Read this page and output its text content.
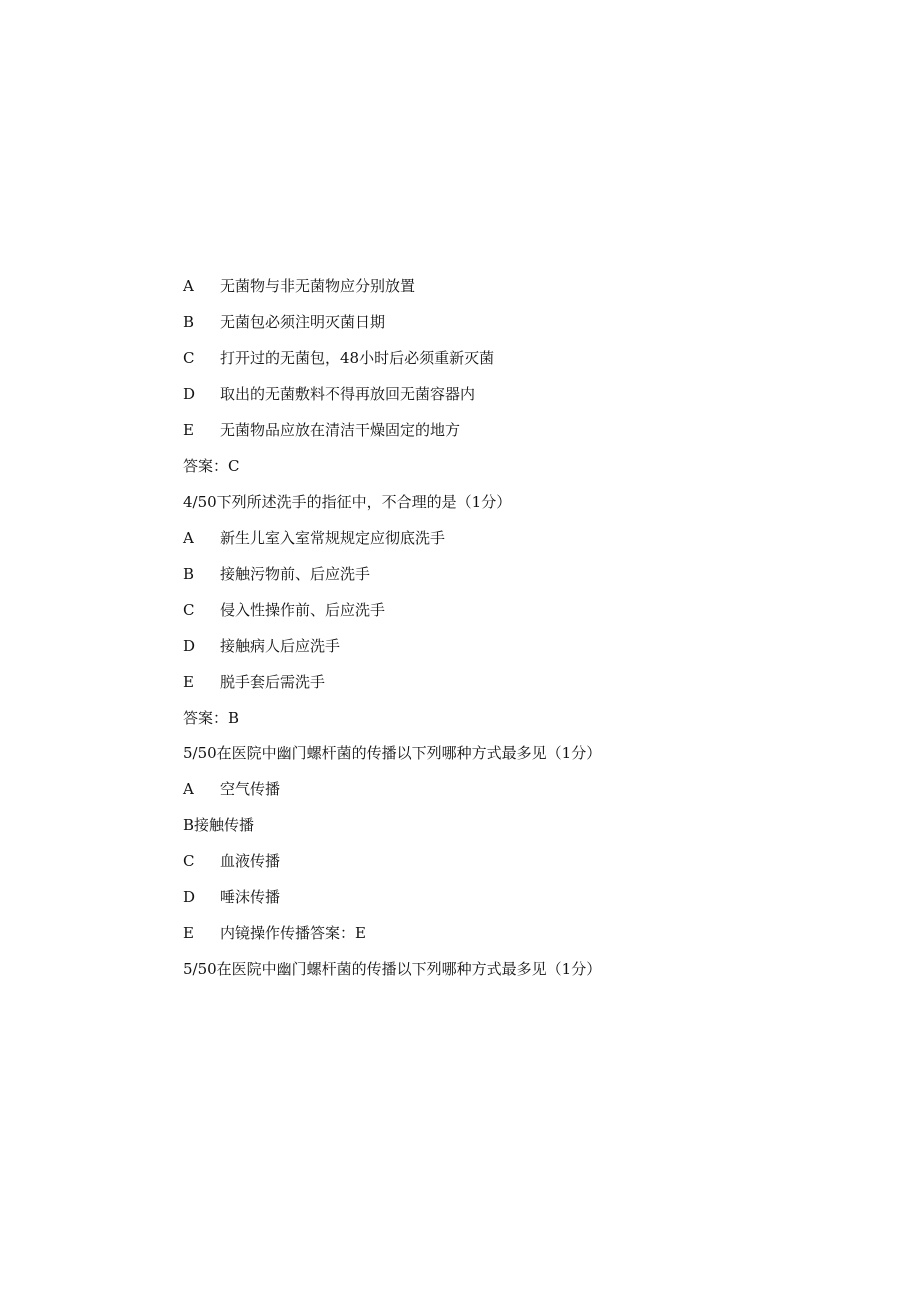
A 无菌物与非无菌物应分别放置
B 无菌包必须注明灭菌日期
C 打开过的无菌包，48小时后必须重新灭菌
D 取出的无菌敷料不得再放回无菌容器内
E 无菌物品应放在清洁干燥固定的地方
答案：C
4/50下列所述洗手的指征中，不合理的是（1分）
A 新生儿室入室常规规定应彻底洗手
B 接触污物前、后应洗手
C 侵入性操作前、后应洗手
D 接触病人后应洗手
E 脱手套后需洗手
答案：B
5/50在医院中幽门螺杆菌的传播以下列哪种方式最多见（1分）
A 空气传播
B接触传播
C 血液传播
D 唾沫传播
E 内镜操作传播答案：E
5/50在医院中幽门螺杆菌的传播以下列哪种方式最多见（1分）
